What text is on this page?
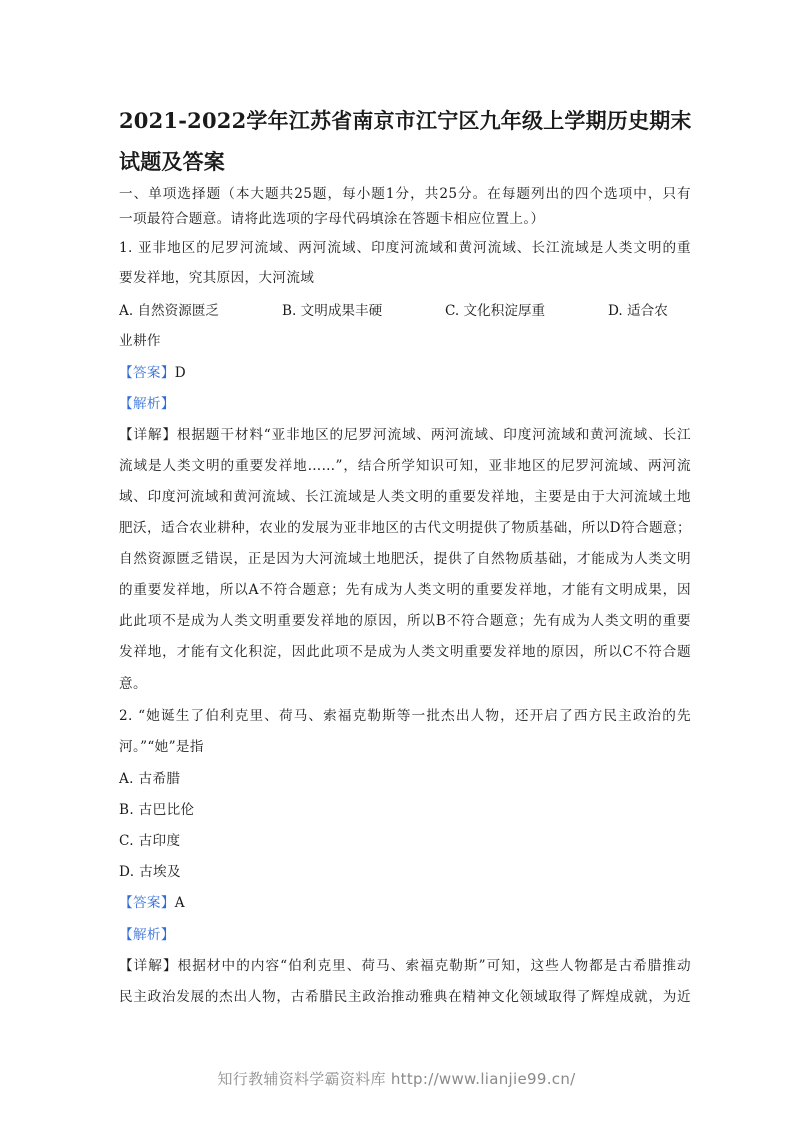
2021-2022学年江苏省南京市江宁区九年级上学期历史期末
试题及答案
一、单项选择题（本大题共25题，每小题1分，共25分。在每题列出的四个选项中，只有
一项最符合题意。请将此选项的字母代码填涂在答题卡相应位置上。）
1. 亚非地区的尼罗河流域、两河流域、印度河流域和黄河流域、长江流域是人类文明的重
要发祥地，究其原因，大河流域
A. 自然资源匮乏	B. 文明成果丰硬	C. 文化积淀厚重	D. 适合农
业耕作
【答案】D
【解析】
【详解】根据题干材料“亚非地区的尼罗河流域、两河流域、印度河流域和黄河流域、长江
流域是人类文明的重要发祥地……”，结合所学知识可知，亚非地区的尼罗河流域、两河流
域、印度河流域和黄河流域、长江流域是人类文明的重要发祥地，主要是由于大河流域土地
肥沃，适合农业耕种，农业的发展为亚非地区的古代文明提供了物质基础，所以D符合题意；
自然资源匮乏错误，正是因为大河流域土地肥沃，提供了自然物质基础，才能成为人类文明
的重要发祥地，所以A不符合题意；先有成为人类文明的重要发祥地，才能有文明成果，因
此此项不是成为人类文明重要发祥地的原因，所以B不符合题意；先有成为人类文明的重要
发祥地，才能有文化积淀，因此此项不是成为人类文明重要发祥地的原因，所以C不符合题
意。
2. “她诞生了伯利克里、荷马、索福克勒斯等一批杰出人物，还开启了西方民主政治的先
河。”“她”是指
A. 古希腊
B. 古巴比伦
C. 古印度
D. 古埃及
【答案】A
【解析】
【详解】根据材中的内容“伯利克里、荷马、索福克勒斯”可知，这些人物都是古希腊推动
民主政治发展的杰出人物，古希腊民主政治推动雅典在精神文化领域取得了辉煌成就，为近
知行教辅资料学霸资料库 http://www.lianjie99.cn/
